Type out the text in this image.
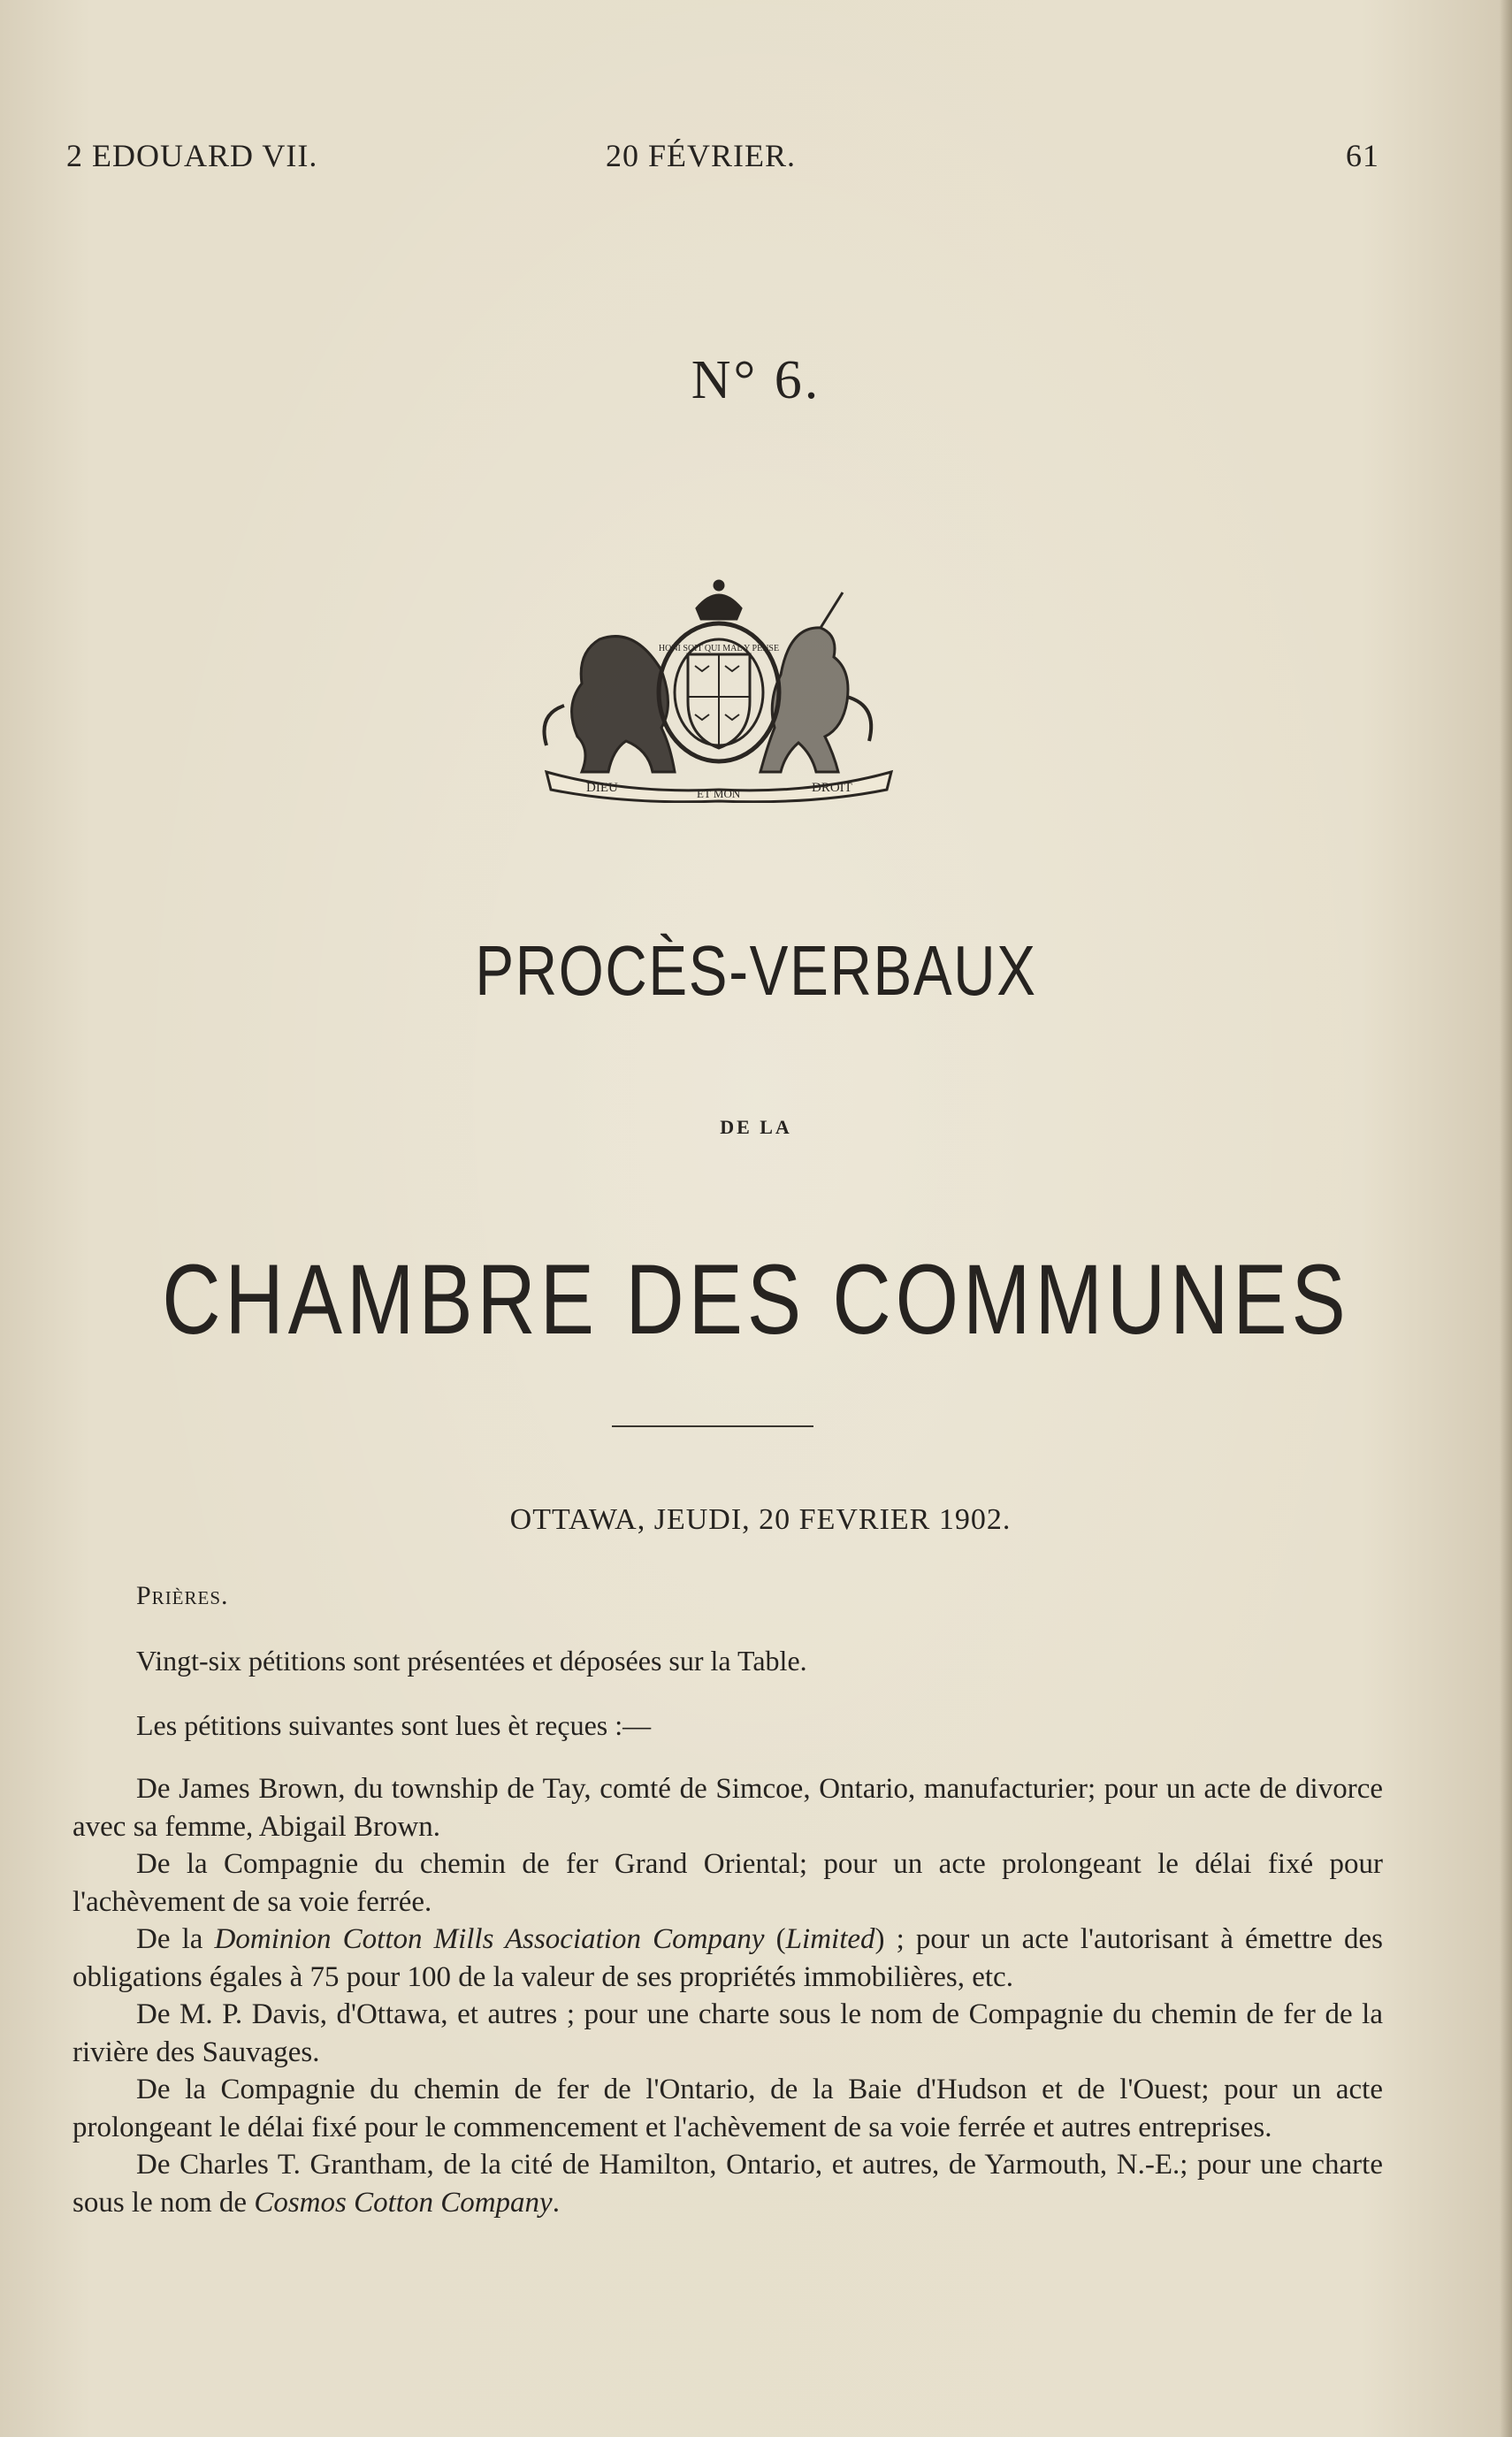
2 EDOUARD VII.	20 FÉVRIER.	61
N° 6.
DIEU	ET MON	DROIT
HONI SOIT QUI MAL Y PENSE
PROCÈS-VERBAUX
DE LA
CHAMBRE DES COMMUNES
OTTAWA, JEUDI, 20 FEVRIER 1902.
Prières.
Vingt-six pétitions sont présentées et déposées sur la Table.
Les pétitions suivantes sont lues èt reçues :—

De James Brown, du township de Tay, comté de Simcoe, Ontario, manufacturier; pour un acte de divorce avec sa femme, Abigail Brown.

De la Compagnie du chemin de fer Grand Oriental; pour un acte prolongeant le délai fixé pour l'achèvement de sa voie ferrée.

De la Dominion Cotton Mills Association Company (Limited) ; pour un acte l'autorisant à émettre des obligations égales à 75 pour 100 de la valeur de ses propriétés immobilières, etc.

De M. P. Davis, d'Ottawa, et autres ; pour une charte sous le nom de Compagnie du chemin de fer de la rivière des Sauvages.

De la Compagnie du chemin de fer de l'Ontario, de la Baie d'Hudson et de l'Ouest; pour un acte prolongeant le délai fixé pour le commencement et l'achèvement de sa voie ferrée et autres entreprises.

De Charles T. Grantham, de la cité de Hamilton, Ontario, et autres, de Yarmouth, N.-E.; pour une charte sous le nom de Cosmos Cotton Company.
